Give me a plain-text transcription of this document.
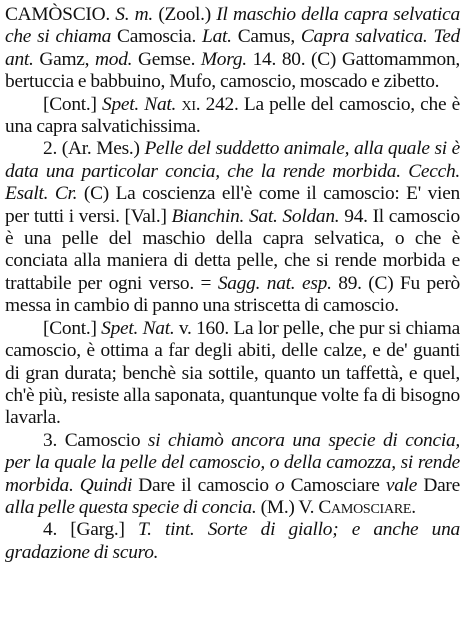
CAMÒSCIO. S. m. (Zool.) Il maschio della capra selvatica che si chiama Camoscia. Lat. Camus, Capra salvatica. Ted ant. Gamz, mod. Gemse. Morg. 14. 80. (C) Gattomammon, bertuccia e babbuino, Mufo, camoscio, moscado e zibetto.

[Cont.] Spet. Nat. xi. 242. La pelle del camoscio, che è una capra salvatichissima.

2. (Ar. Mes.) Pelle del suddetto animale, alla quale si è data una particolar concia, che la rende morbida. Cecch. Esalt. Cr. (C) La coscienza ell'è come il camoscio: E' vien per tutti i versi. [Val.] Bianchin. Sat. Soldan. 94. Il camoscio è una pelle del maschio della capra selvatica, o che è conciata alla maniera di detta pelle, che si rende morbida e trattabile per ogni verso. = Sagg. nat. esp. 89. (C) Fu però messa in cambio di panno una striscetta di camoscio.

[Cont.] Spet. Nat. v. 160. La lor pelle, che pur si chiama camoscio, è ottima a far degli abiti, delle calze, e de' guanti di gran durata; benchè sia sottile, quanto un taffettà, e quel, ch'è più, resiste alla saponata, quantunque volte fa di bisogno lavarla.

3. Camoscio si chiamò ancora una specie di concia, per la quale la pelle del camoscio, o della camozza, si rende morbida. Quindi Dare il camoscio o Camosciare vale Dare alla pelle questa specie di concia. (M.) V. Camosciare.

4. [Garg.] T. tint. Sorte di giallo; e anche una gradazione di scuro.
